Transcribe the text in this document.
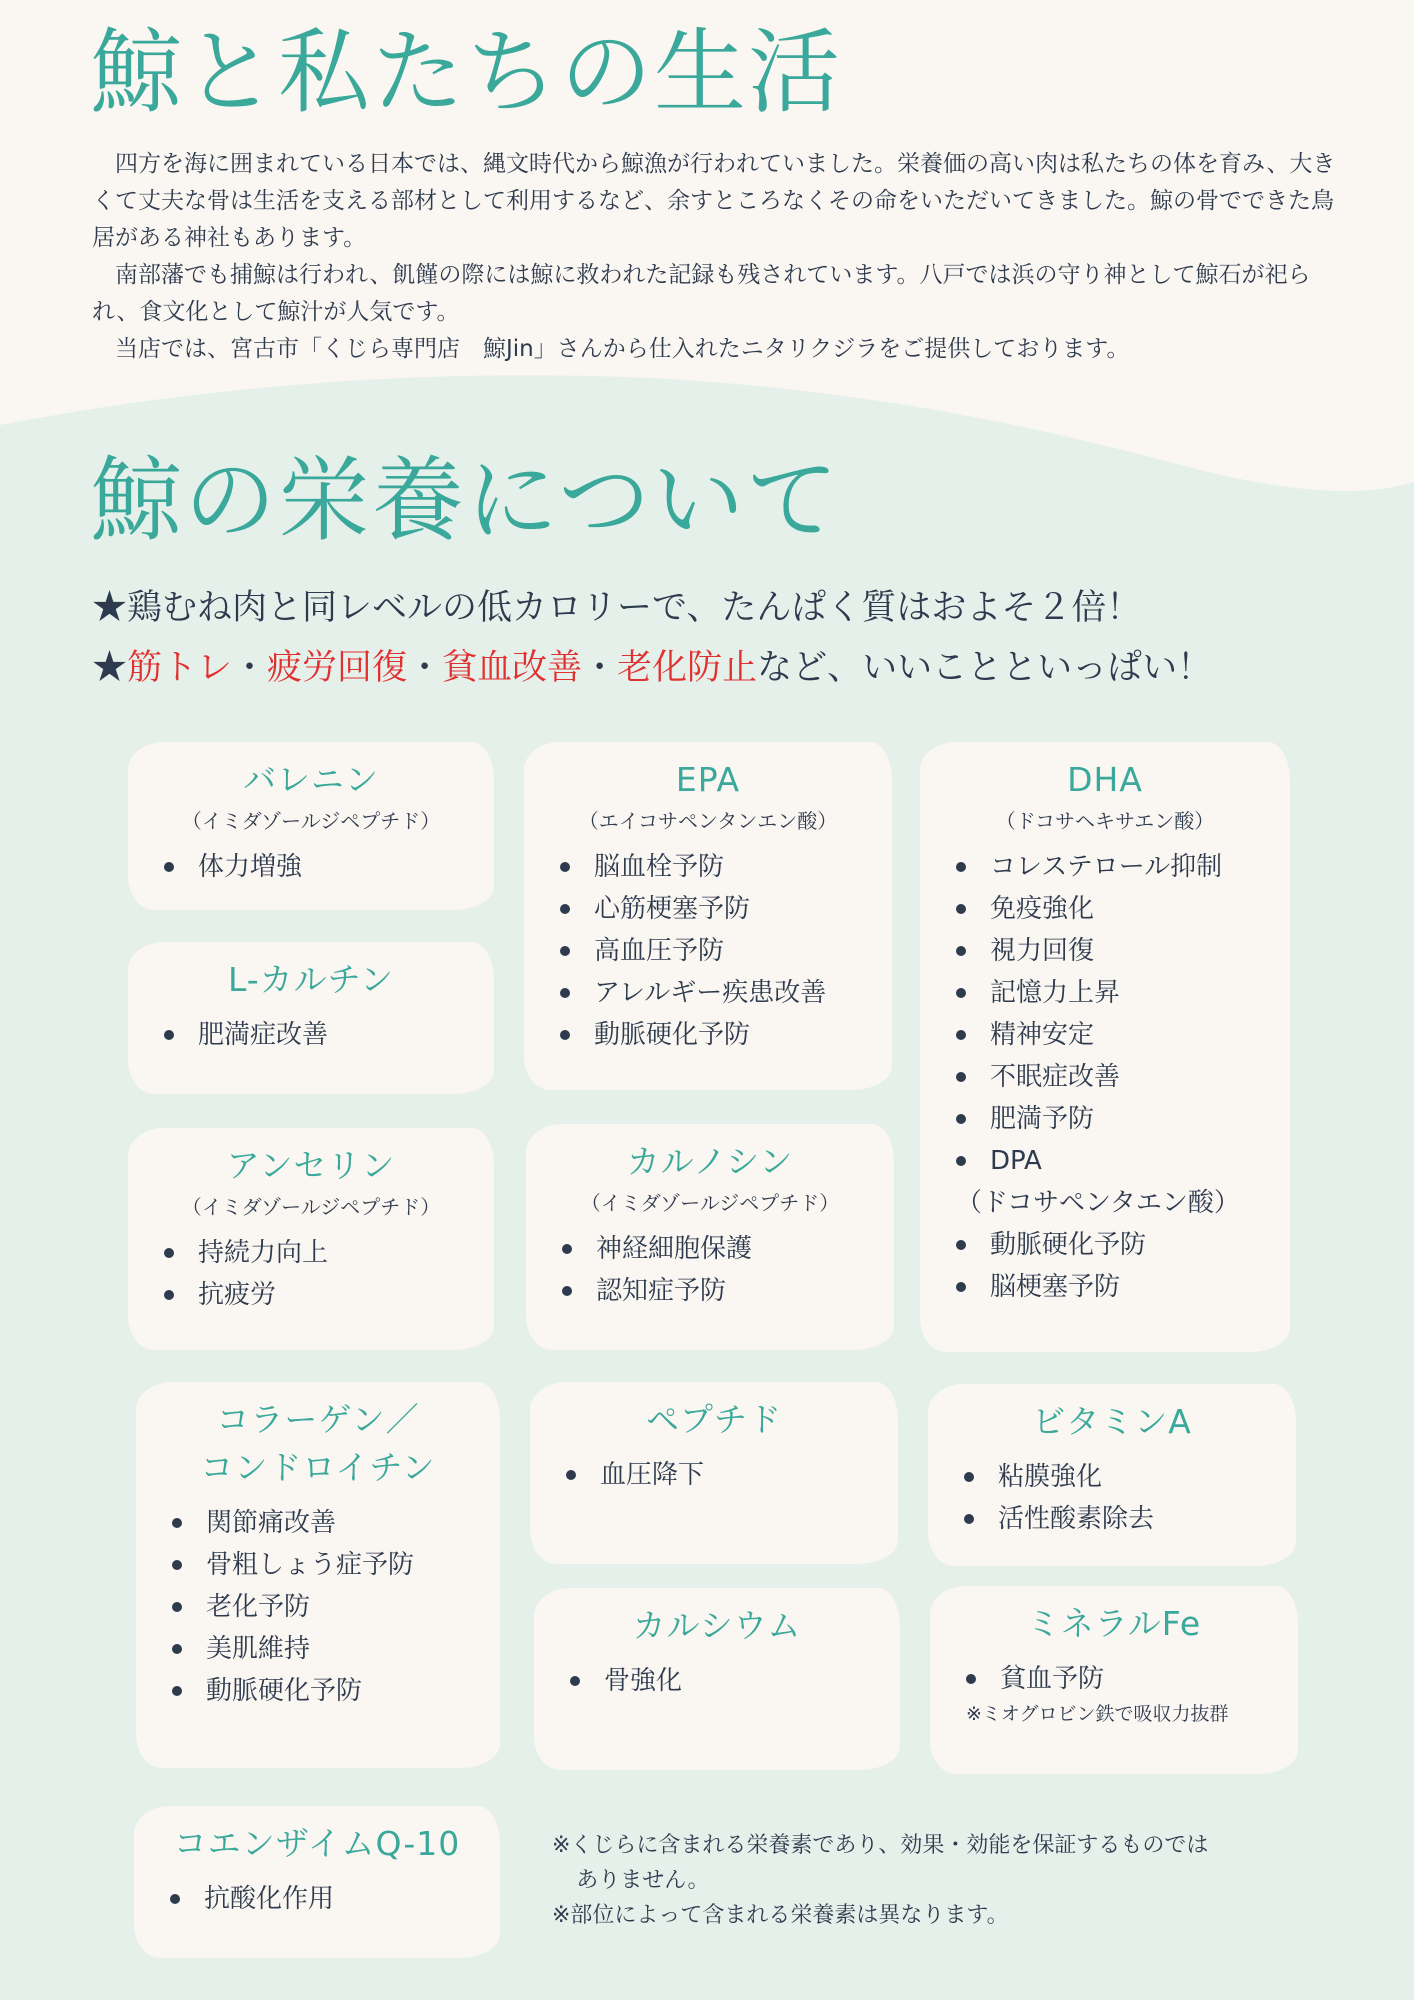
鯨と私たちの生活

四方を海に囲まれている日本では、縄文時代から鯨漁が行われていました。栄養価の高い肉は私たちの体を育み、大きくて丈夫な骨は生活を支える部材として利用するなど、余すところなくその命をいただいてきました。鯨の骨でできた鳥居がある神社もあります。

南部藩でも捕鯨は行われ、飢饉の際には鯨に救われた記録も残されています。八戸では浜の守り神として鯨石が祀られ、食文化として鯨汁が人気です。

当店では、宮古市「くじら専門店　鯨Jin」さんから仕入れたニタリクジラをご提供しております。

鯨の栄養について
★鶏むね肉と同レベルの低カロリーで、たんぱく質はおよそ２倍！
★筋トレ・疲労回復・貧血改善・老化防止など、いいことといっぱい！
バレニン
（イミダゾールジペプチド）
体力増強
L-カルチン
肥満症改善
アンセリン
（イミダゾールジペプチド）
持続力向上
抗疲労
コラーゲン／
コンドロイチン
関節痛改善
骨粗しょう症予防
老化予防
美肌維持
動脈硬化予防
コエンザイムQ-10
抗酸化作用
EPA
（エイコサペンタンエン酸）
脳血栓予防
心筋梗塞予防
高血圧予防
アレルギー疾患改善
動脈硬化予防
カルノシン
（イミダゾールジペプチド）
神経細胞保護
認知症予防
ペプチド
血圧降下
カルシウム
骨強化
DHA
（ドコサヘキサエン酸）
コレステロール抑制
免疫強化
視力回復
記憶力上昇
精神安定
不眠症改善
肥満予防
DPA
（ドコサペンタエン酸）
動脈硬化予防
脳梗塞予防
ビタミンA
粘膜強化
活性酸素除去
ミネラルFe
貧血予防
※ミオグロビン鉄で吸収力抜群

※くじらに含まれる栄養素であり、効果・効能を保証するものでは

ありません。

※部位によって含まれる栄養素は異なります。
